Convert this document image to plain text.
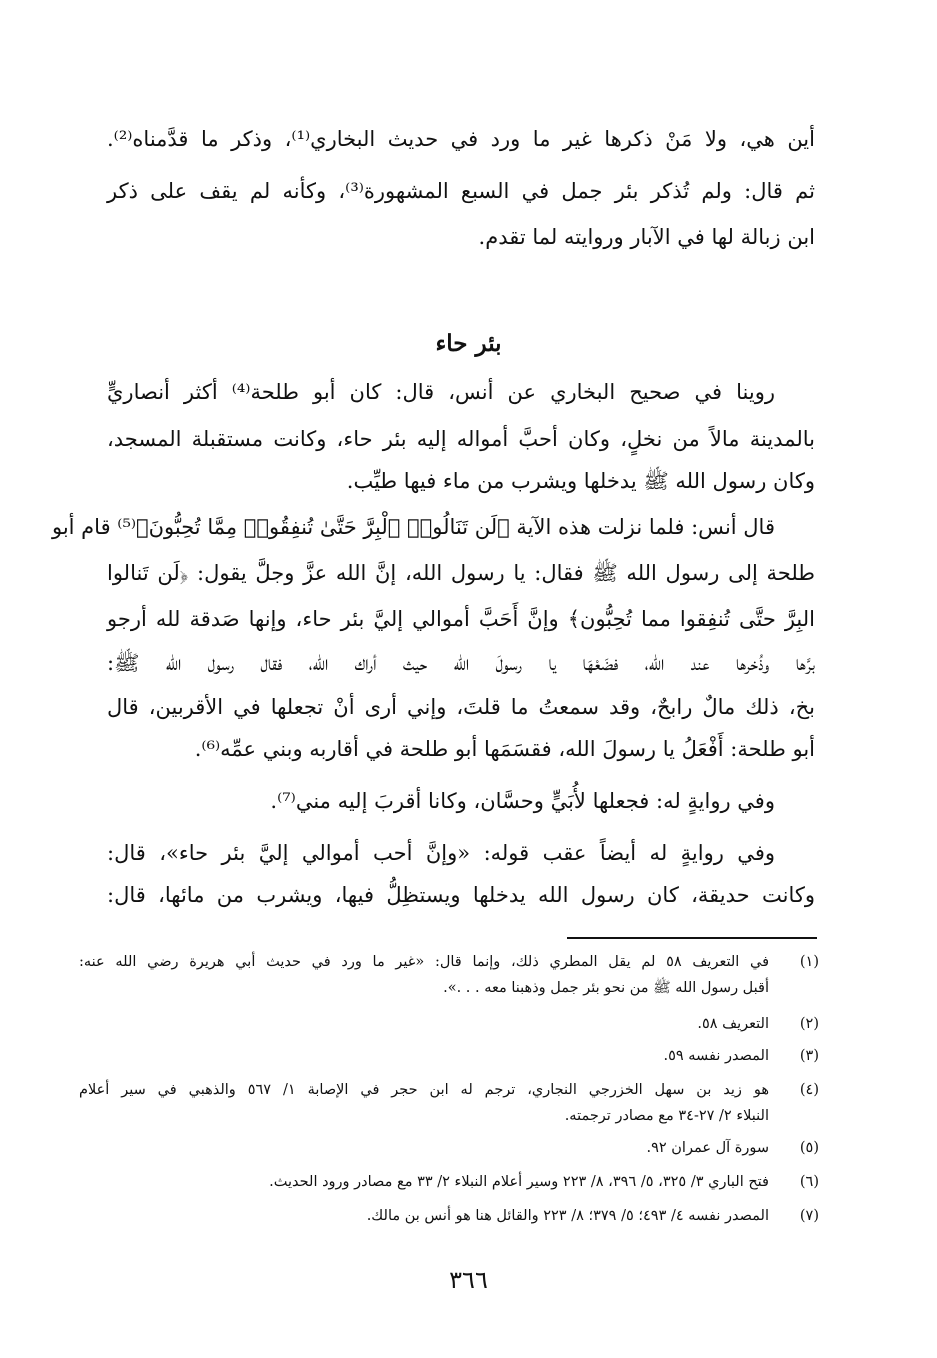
أين هي، ولا مَنْ ذكرها غير ما ورد في حديث البخاري⁽¹⁾، وذكر ما قدَّمناه⁽²⁾.
ثم قال: ولم تُذكر بئر جمل في السبع المشهورة⁽³⁾، وكأنه لم يقف على ذكر
ابن زبالة لها في الآبار وروايته لما تقدم.
بئر حاء
روينا في صحيح البخاري عن أنس، قال: كان أبو طلحة⁽⁴⁾ أكثر أنصاريٍّ
بالمدينة مالاً من نخلٍ، وكان أحبَّ أمواله إليه بئر حاء، وكانت مستقبلة المسجد،
وكان رسول الله ﷺ يدخلها ويشرب من ماء فيها طيِّب.
قال أنس: فلما نزلت هذه الآية ﴿لَن تَنَالُوا۟ ٱلْبِرَّ حَتَّىٰ تُنفِقُوا۟ مِمَّا تُحِبُّونَ﴾⁽⁵⁾ قام أبو
طلحة إلى رسول الله ﷺ فقال: يا رسول الله، إنَّ الله عزَّ وجلَّ يقول: ﴿لَن تَنالوا
البِرَّ حتَّى تُنفِقوا مما تُحِبُّون﴾ وإنَّ أَحَبَّ أموالي إليَّ بئر حاء، وإنها صَدقة لله أرجو
برَّها وذُخرها عند الله، فضَعْهَا يا رسولَ الله حيث أراك الله، فقال رسول الله ﷺ:
بخ، ذلك مالٌ رابحٌ، وقد سمعتُ ما قلتَ، وإني أرى أنْ تجعلها في الأقربين، قال
أبو طلحة: أَفْعَلُ يا رسولَ الله، فقسَمَها أبو طلحة في أقاربه وبني عمِّه⁽⁶⁾.
وفي روايةٍ له: فجعلها لأُبَيٍّ وحسَّان، وكانا أقربَ إليه مني⁽⁷⁾.
وفي روايةٍ له أيضاً عقب قوله: «وإنَّ أحب أموالي إليَّ بئر حاء»، قال:
وكانت حديقة، كان رسول الله يدخلها ويستظِلُّ فيها، ويشرب من مائها، قال:
(١)
في التعريف ٥٨ لم يقل المطري ذلك، وإنما قال: «غير ما ورد في حديث أبي هريرة رضي الله عنه:
أقبل رسول الله ﷺ من نحو بئر جمل وذهبنا معه . . .».
(٢)
التعريف ٥٨.
(٣)
المصدر نفسه ٥٩.
(٤)
هو زيد بن سهل الخزرجي النجاري، ترجم له ابن حجر في الإصابة ١/ ٥٦٧ والذهبي في سير أعلام
النبلاء ٢/ ٢٧-٣٤ مع مصادر ترجمته.
(٥)
سورة آل عمران ٩٢.
(٦)
فتح الباري ٣/ ٣٢٥، ٥/ ٣٩٦، ٨/ ٢٢٣ وسير أعلام النبلاء ٢/ ٣٣ مع مصادر ورود الحديث.
(٧)
المصدر نفسه ٤/ ٤٩٣؛ ٥/ ٣٧٩؛ ٨/ ٢٢٣ والقائل هنا هو أنس بن مالك.
٣٦٦
